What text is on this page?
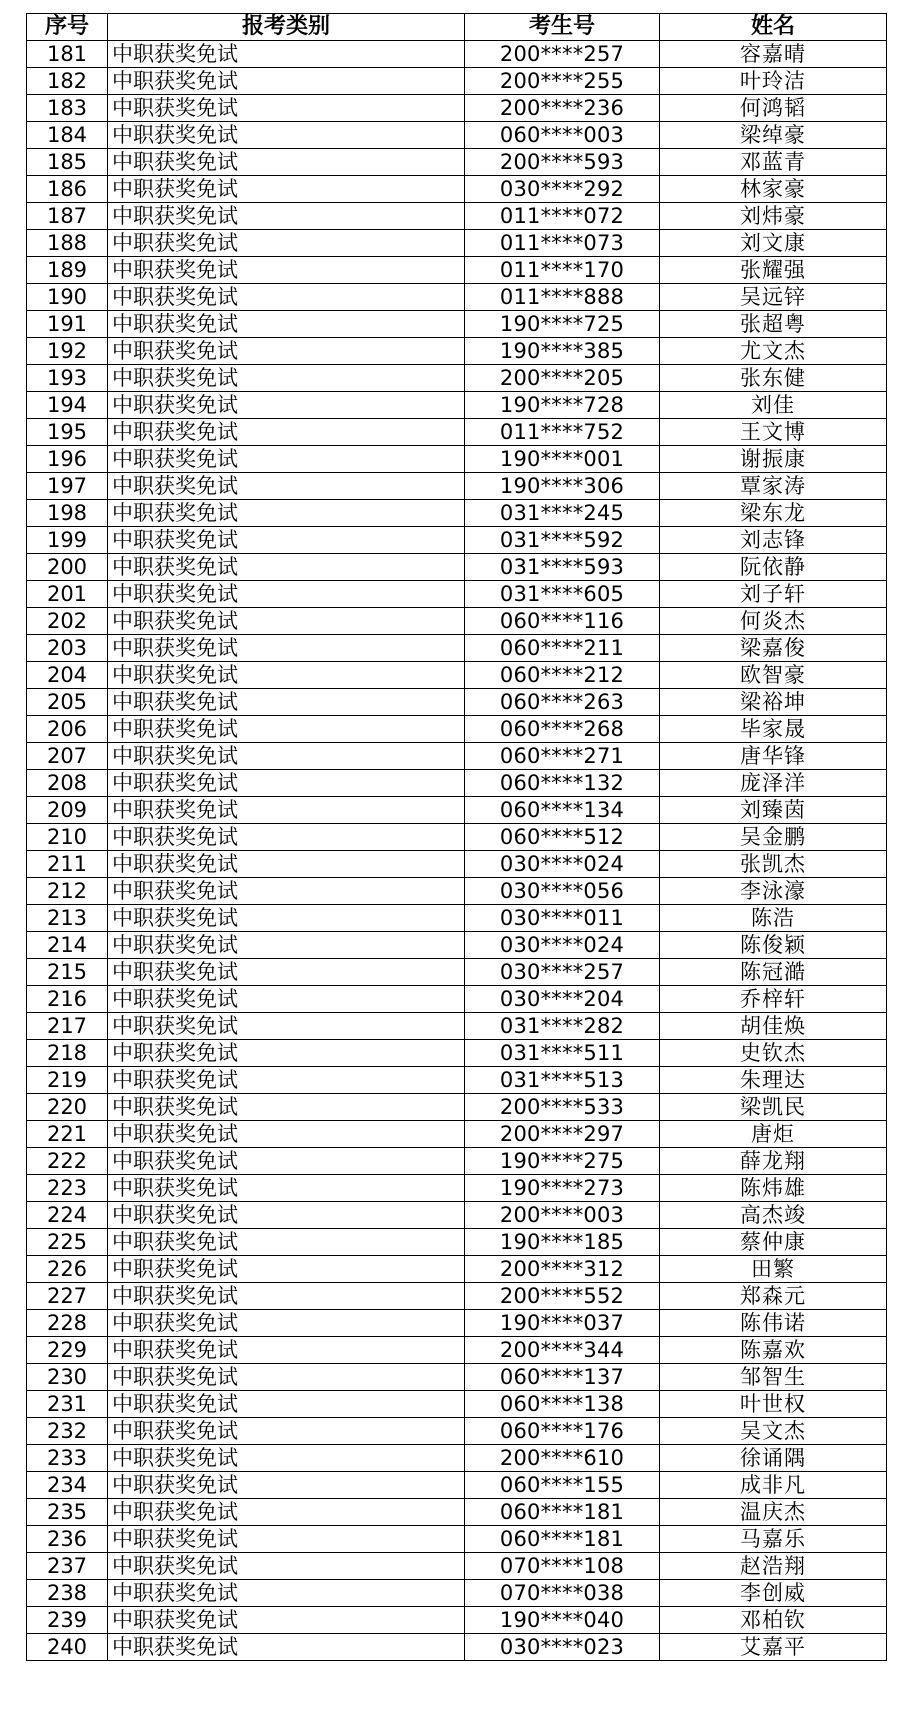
序号	报考类别	考生号	姓名
181	中职获奖免试	200****257	容嘉晴
182	中职获奖免试	200****255	叶玲洁
183	中职获奖免试	200****236	何鸿韬
184	中职获奖免试	060****003	梁绰豪
185	中职获奖免试	200****593	邓蓝青
186	中职获奖免试	030****292	林家豪
187	中职获奖免试	011****072	刘炜豪
188	中职获奖免试	011****073	刘文康
189	中职获奖免试	011****170	张耀强
190	中职获奖免试	011****888	吴远锌
191	中职获奖免试	190****725	张超粤
192	中职获奖免试	190****385	尤文杰
193	中职获奖免试	200****205	张东健
194	中职获奖免试	190****728	刘佳
195	中职获奖免试	011****752	王文博
196	中职获奖免试	190****001	谢振康
197	中职获奖免试	190****306	覃家涛
198	中职获奖免试	031****245	梁东龙
199	中职获奖免试	031****592	刘志锋
200	中职获奖免试	031****593	阮依静
201	中职获奖免试	031****605	刘子轩
202	中职获奖免试	060****116	何炎杰
203	中职获奖免试	060****211	梁嘉俊
204	中职获奖免试	060****212	欧智豪
205	中职获奖免试	060****263	梁裕坤
206	中职获奖免试	060****268	毕家晟
207	中职获奖免试	060****271	唐华锋
208	中职获奖免试	060****132	庞泽洋
209	中职获奖免试	060****134	刘臻茵
210	中职获奖免试	060****512	吴金鹏
211	中职获奖免试	030****024	张凯杰
212	中职获奖免试	030****056	李泳濠
213	中职获奖免试	030****011	陈浩
214	中职获奖免试	030****024	陈俊颖
215	中职获奖免试	030****257	陈冠澔
216	中职获奖免试	030****204	乔梓轩
217	中职获奖免试	031****282	胡佳焕
218	中职获奖免试	031****511	史钦杰
219	中职获奖免试	031****513	朱理达
220	中职获奖免试	200****533	梁凯民
221	中职获奖免试	200****297	唐炬
222	中职获奖免试	190****275	薛龙翔
223	中职获奖免试	190****273	陈炜雄
224	中职获奖免试	200****003	高杰竣
225	中职获奖免试	190****185	蔡仲康
226	中职获奖免试	200****312	田繁
227	中职获奖免试	200****552	郑森元
228	中职获奖免试	190****037	陈伟诺
229	中职获奖免试	200****344	陈嘉欢
230	中职获奖免试	060****137	邹智生
231	中职获奖免试	060****138	叶世权
232	中职获奖免试	060****176	吴文杰
233	中职获奖免试	200****610	徐诵隅
234	中职获奖免试	060****155	成非凡
235	中职获奖免试	060****181	温庆杰
236	中职获奖免试	060****181	马嘉乐
237	中职获奖免试	070****108	赵浩翔
238	中职获奖免试	070****038	李创威
239	中职获奖免试	190****040	邓柏钦
240	中职获奖免试	030****023	艾嘉平
